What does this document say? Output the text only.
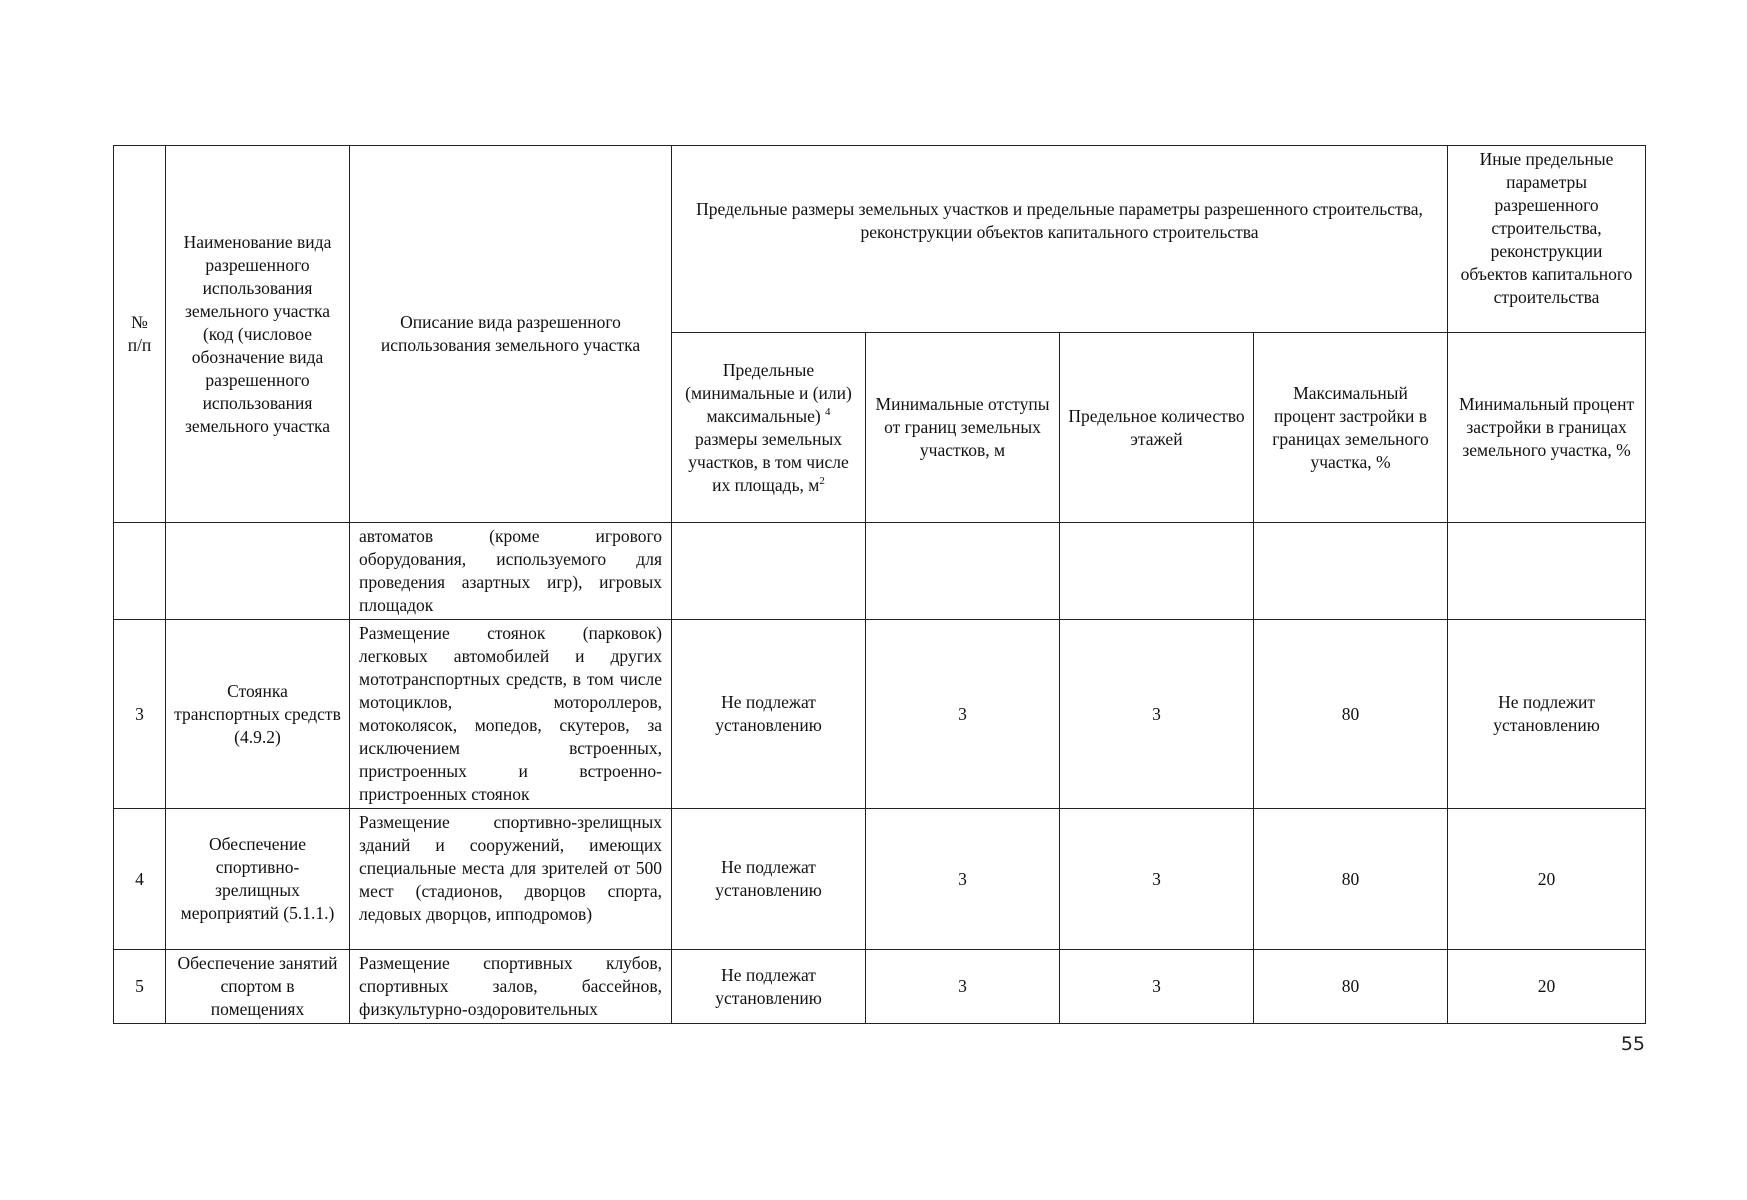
№ п/п	Наименование вида разрешенного использования земельного участка (код (числовое обозначение вида разрешенного использования земельного участка	Описание вида разрешенного использования земельного участка	Предельные размеры земельных участков и предельные параметры разрешенного строительства, реконструкции объектов капитального строительства				Иные предельные параметры разрешенного строительства, реконструкции объектов капитального строительства
			Предельные (минимальные и (или) максимальные) $^4$ размеры земельных участков, в том числе их площадь, $м^2$	Минимальные отступы от границ земельных участков, м	Предельное количество этажей	Максимальный процент застройки в границах земельного участка, %	Минимальный процент застройки в границах земельного участка, %
		автоматов (кроме игрового оборудования, используемого для проведения азартных игр), игровых площадок					
3	Стоянка транспортных средств (4.9.2)	Размещение стоянок (парковок) легковых автомобилей и других мототранспортных средств, в том числе мотоциклов, мотороллеров, мотоколясок, мопедов, скутеров, за исключением встроенных, пристроенных и встроенно-пристроенных стоянок	Не подлежат установлению	3	3	80	Не подлежит установлению
4	Обеспечение спортивно-зрелищных мероприятий (5.1.1.)	Размещение спортивно-зрелищных зданий и сооружений, имеющих специальные места для зрителей от 500 мест (стадионов, дворцов спорта, ледовых дворцов, ипподромов)	Не подлежат установлению	3	3	80	20
5	Обеспечение занятий спортом в помещениях	Размещение спортивных клубов, спортивных залов, бассейнов, физкультурно-оздоровительных	Не подлежат установлению	3	3	80	20
55
